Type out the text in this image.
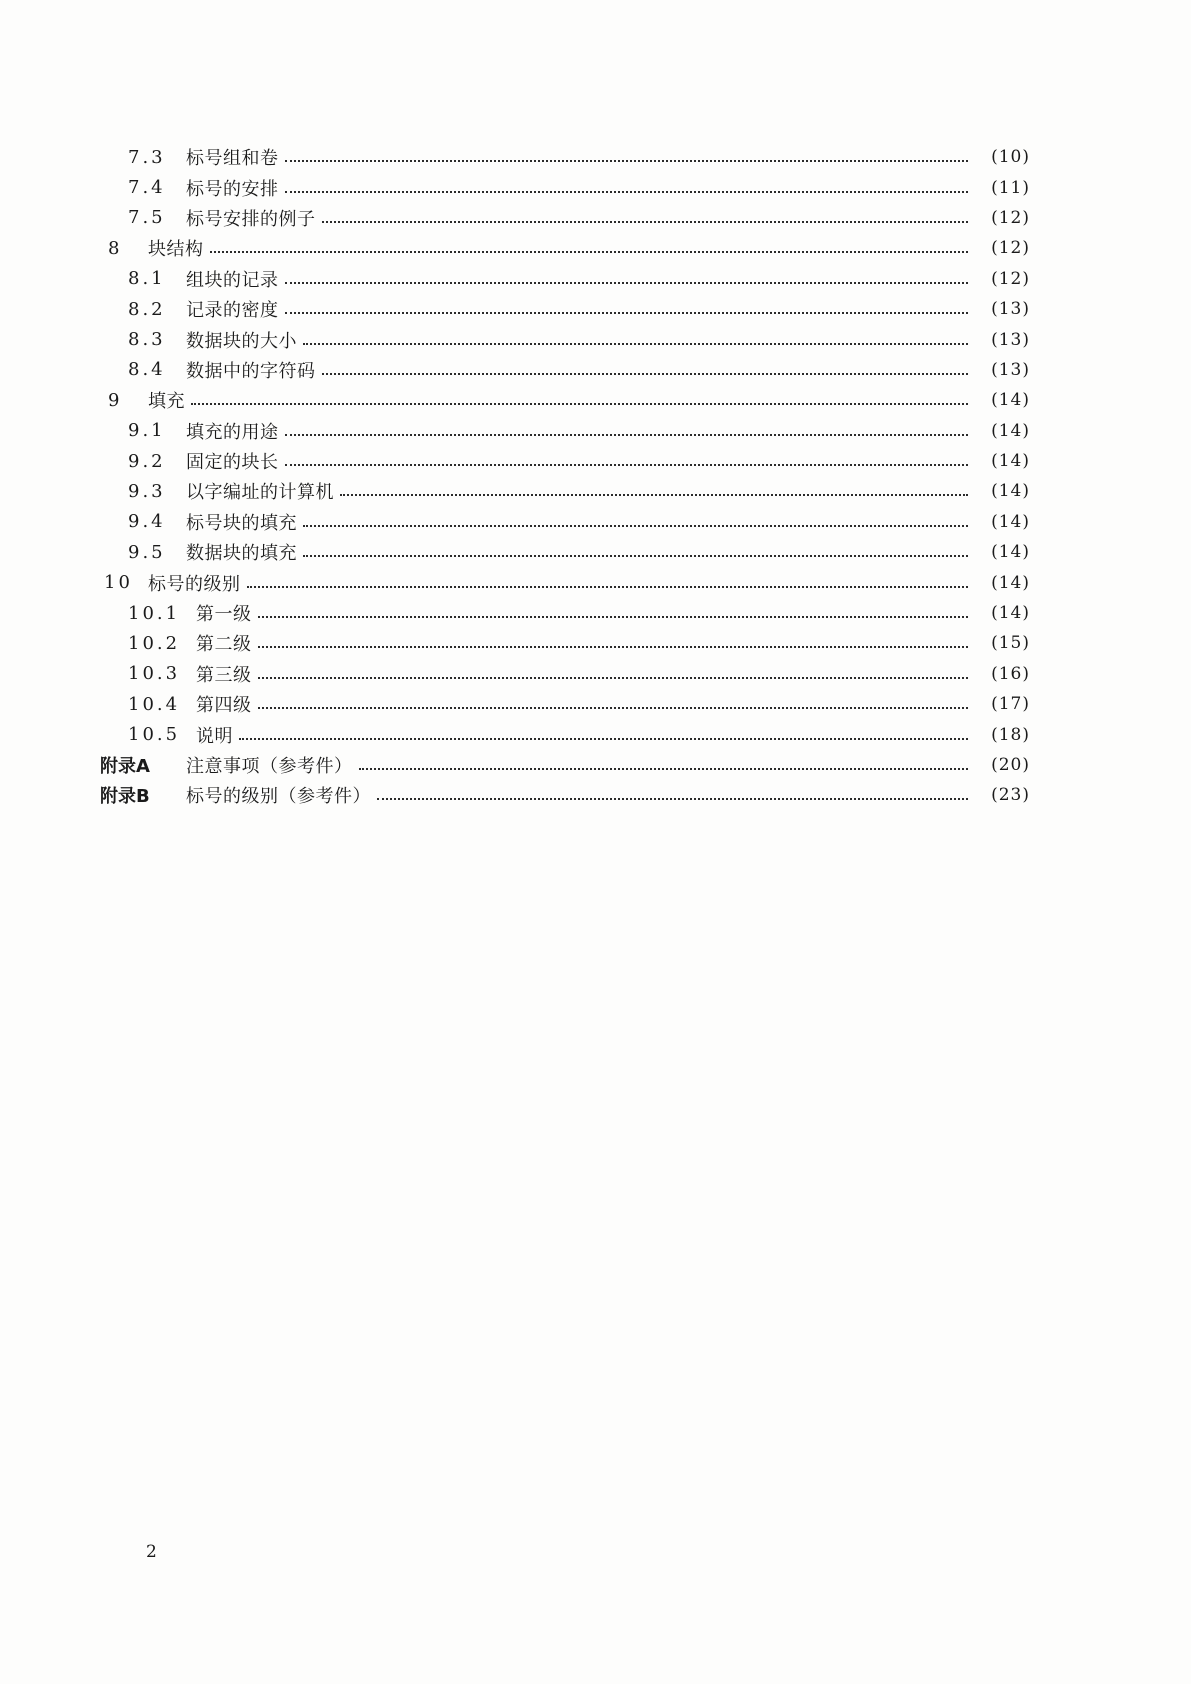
7.3	标号组和卷	(10)
7.4	标号的安排	(11)
7.5	标号安排的例子	(12)
8	块结构	(12)
8.1	组块的记录	(12)
8.2	记录的密度	(13)
8.3	数据块的大小	(13)
8.4	数据中的字符码	(13)
9	填充	(14)
9.1	填充的用途	(14)
9.2	固定的块长	(14)
9.3	以字编址的计算机	(14)
9.4	标号块的填充	(14)
9.5	数据块的填充	(14)
10 标号的级别	(14)
10.1 第一级	(14)
10.2 第二级	(15)
10.3 第三级	(16)
10.4 第四级	(17)
10.5 说明	(18)
附录A	注意事项（参考件）	(20)
附录B	标号的级别（参考件）	(23)
2
